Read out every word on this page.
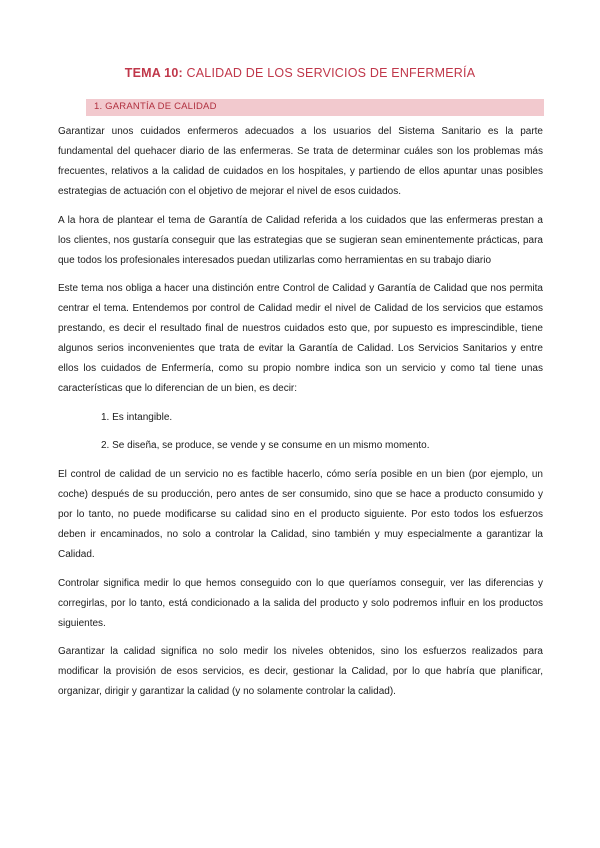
TEMA 10: CALIDAD DE LOS SERVICIOS DE ENFERMERÍA
1. GARANTÍA DE CALIDAD

Garantizar unos cuidados enfermeros adecuados a los usuarios del Sistema Sanitario es la parte fundamental del quehacer diario de las enfermeras. Se trata de determinar cuáles son los problemas más frecuentes, relativos a la calidad de cuidados en los hospitales, y partiendo de ellos apuntar unas posibles estrategias de actuación con el objetivo de mejorar el nivel de esos cuidados.

A la hora de plantear el tema de Garantía de Calidad referida a los cuidados que las enfermeras prestan a los clientes, nos gustaría conseguir que las estrategias que se sugieran sean eminentemente prácticas, para que todos los profesionales interesados puedan utilizarlas como herramientas en su trabajo diario

Este tema nos obliga a hacer una distinción entre Control de Calidad y Garantía de Calidad que nos permita centrar el tema. Entendemos por control de Calidad medir el nivel de Calidad de los servicios que estamos prestando, es decir el resultado final de nuestros cuidados esto que, por supuesto es imprescindible, tiene algunos serios inconvenientes que trata de evitar la Garantía de Calidad. Los Servicios Sanitarios y entre ellos los cuidados de Enfermería, como su propio nombre indica son un servicio y como tal tiene unas características que lo diferencian de un bien, es decir:

1. Es intangible.

2. Se diseña, se produce, se vende y se consume en un mismo momento.

El control de calidad de un servicio no es factible hacerlo, cómo sería posible en un bien (por ejemplo, un coche) después de su producción, pero antes de ser consumido, sino que se hace a producto consumido y por lo tanto, no puede modificarse su calidad sino en el producto siguiente. Por esto todos los esfuerzos deben ir encaminados, no solo a controlar la Calidad, sino también y muy especialmente a garantizar la Calidad.

Controlar significa medir lo que hemos conseguido con lo que queríamos conseguir, ver las diferencias y corregirlas, por lo tanto, está condicionado a la salida del producto y solo podremos influir en los productos siguientes.

Garantizar la calidad significa no solo medir los niveles obtenidos, sino los esfuerzos realizados para modificar la provisión de esos servicios, es decir, gestionar la Calidad, por lo que habría que planificar, organizar, dirigir y garantizar la calidad (y no solamente controlar la calidad).
